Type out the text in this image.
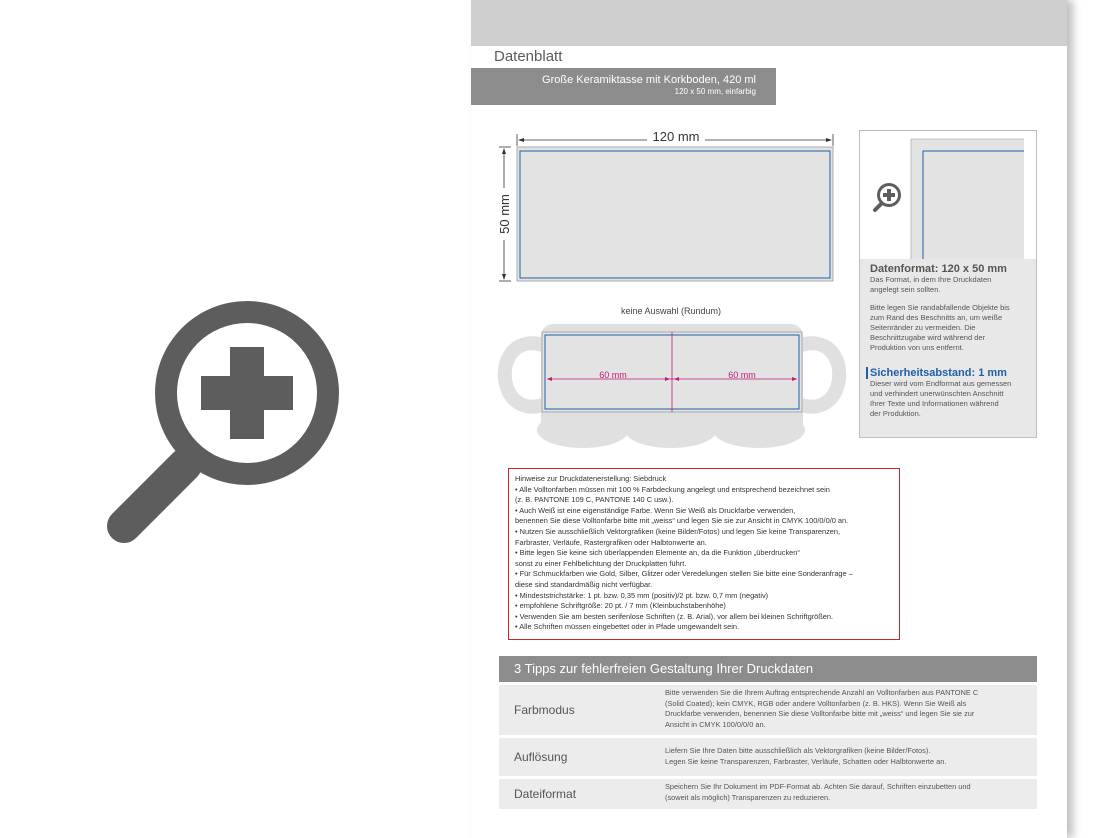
Datenblatt
Große Keramiktasse mit Korkboden, 420 ml
120 x 50 mm, einfarbig
120 mm
50 mm
keine Auswahl (Rundum)
60 mm	60 mm
Datenformat: 120 x 50 mm
Das Format, in dem Ihre Druckdaten
angelegt sein sollten.
Bitte legen Sie randabfallende Objekte bis
zum Rand des Beschnitts an, um weiße
Seitenränder zu vermeiden. Die
Beschnittzugabe wird während der
Produktion von uns entfernt.
Sicherheitsabstand: 1 mm
Dieser wird vom Endformat aus gemessen
und verhindert unerwünschten Anschnitt
Ihrer Texte und Informationen während
der Produktion.
Hinweise zur Druckdatenerstellung: Siebdruck
• Alle Volltonfarben müssen mit 100 % Farbdeckung angelegt und entsprechend bezeichnet sein
(z. B. PANTONE 109 C, PANTONE 140 C usw.).
• Auch Weiß ist eine eigenständige Farbe. Wenn Sie Weiß als Druckfarbe verwenden,
benennen Sie diese Volltonfarbe bitte mit „weiss“ und legen Sie sie zur Ansicht in CMYK 100/0/0/0 an.
• Nutzen Sie ausschließlich Vektorgrafiken (keine Bilder/Fotos) und legen Sie keine Transparenzen,
Farbraster, Verläufe, Rastergrafiken oder Halbtonwerte an.
• Bitte legen Sie keine sich überlappenden Elemente an, da die Funktion „überdrucken“
sonst zu einer Fehlbelichtung der Druckplatten führt.
• Für Schmuckfarben wie Gold, Silber, Glitzer oder Veredelungen stellen Sie bitte eine Sonderanfrage –
diese sind standardmäßig nicht verfügbar.
• Mindeststrichstärke: 1 pt. bzw. 0,35 mm (positiv)/2 pt. bzw. 0,7 mm (negativ)
• empfohlene Schriftgröße: 20 pt. / 7 mm (Kleinbuchstabenhöhe)
• Verwenden Sie am besten serifenlose Schriften (z. B. Arial), vor allem bei kleinen Schriftgrößen.
• Alle Schriften müssen eingebettet oder in Pfade umgewandelt sein.
3 Tipps zur fehlerfreien Gestaltung Ihrer Druckdaten
Farbmodus
Bitte verwenden Sie die Ihrem Auftrag entsprechende Anzahl an Volltonfarben aus PANTONE C
(Solid Coated); kein CMYK, RGB oder andere Volltonfarben (z. B. HKS). Wenn Sie Weiß als
Druckfarbe verwenden, benennen Sie diese Volltonfarbe bitte mit „weiss“ und legen Sie sie zur
Ansicht in CMYK 100/0/0/0 an.
Auflösung	Liefern Sie Ihre Daten bitte ausschließlich als Vektorgrafiken (keine Bilder/Fotos).
Legen Sie keine Transparenzen, Farbraster, Verläufe, Schatten oder Halbtonwerte an.
Dateiformat
Speichern Sie Ihr Dokument im PDF-Format ab. Achten Sie darauf, Schriften einzubetten und
(soweit als möglich) Transparenzen zu reduzieren.
